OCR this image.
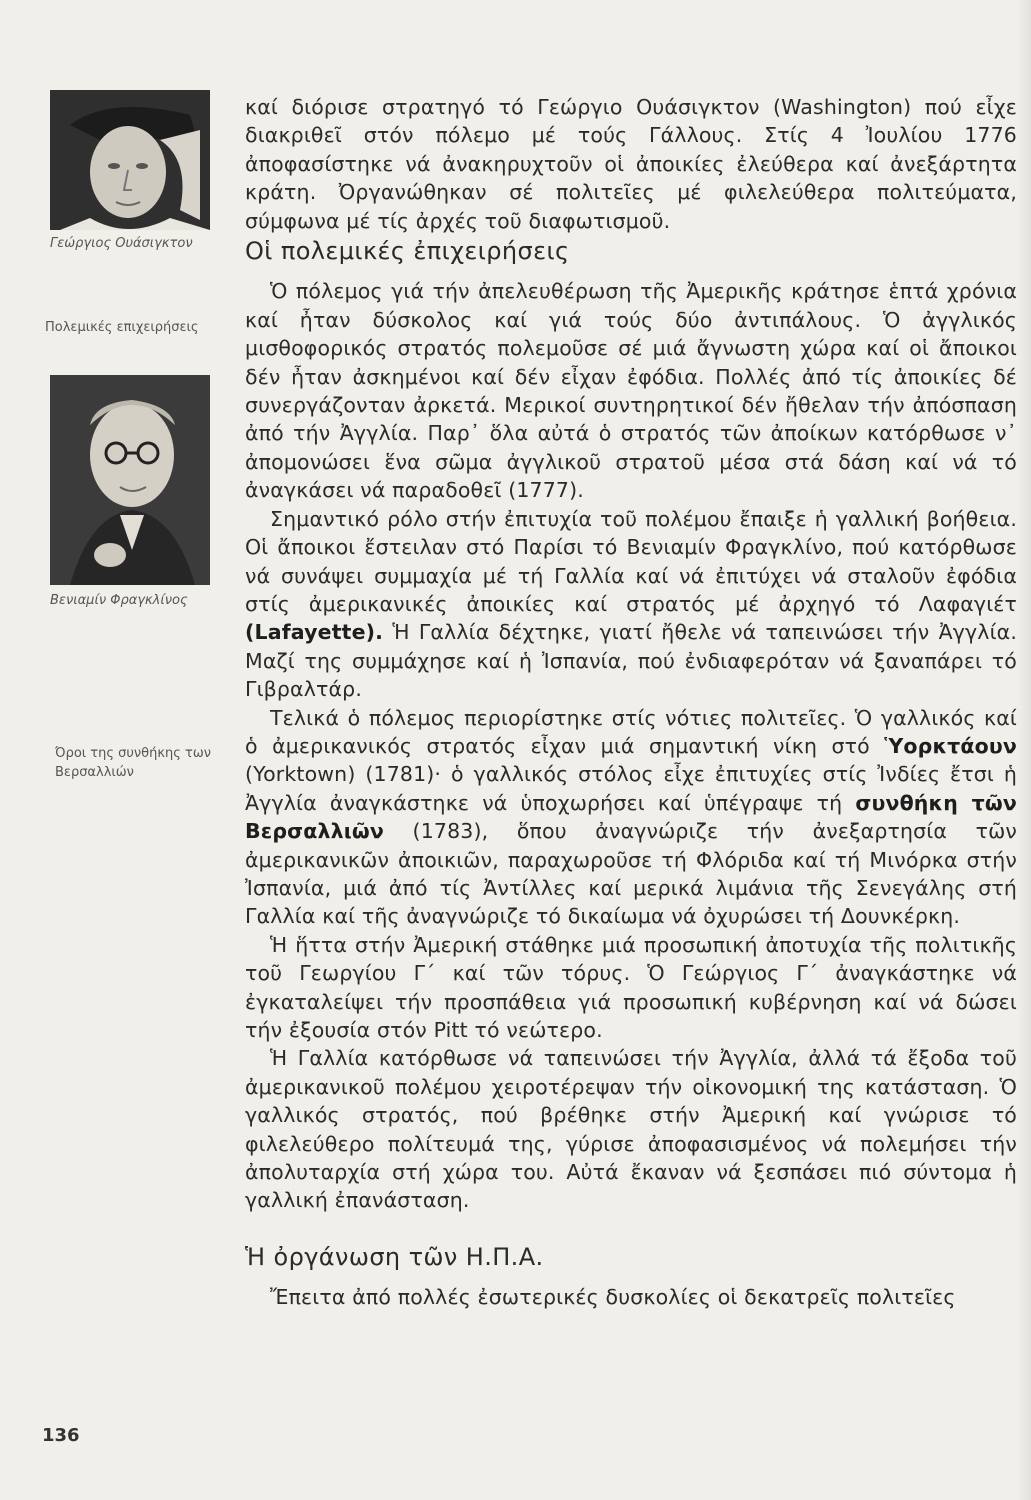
Γεώργιος Ουάσιγκτον
Πολεμικές επιχειρήσεις
Βενιαμίν Φραγκλίνος
Όροι της συνθήκης των Βερσαλλιών
136

καί διόρισε στρατηγό τό Γεώργιο Ουάσιγκτον (Washington) πού εἶχε διακριθεῖ στόν πόλεμο μέ τούς Γάλλους. Στίς 4 Ἰουλίου 1776 ἀποφασίστηκε νά ἀνακηρυχτοῦν οἱ ἀποικίες ἐλεύθερα καί ἀνεξάρτητα κράτη. Ὀργανώθηκαν σέ πολιτεῖες μέ φιλελεύθερα πολιτεύματα, σύμφωνα μέ τίς ἀρχές τοῦ διαφωτισμοῦ.

Οἱ πολεμικές ἐπιχειρήσεις

Ὁ πόλεμος γιά τήν ἀπελευθέρωση τῆς Ἀμερικῆς κράτησε ἑπτά χρόνια καί ἦταν δύσκολος καί γιά τούς δύο ἀντιπάλους. Ὁ ἀγγλικός μισθοφορικός στρατός πολεμοῦσε σέ μιά ἄγνωστη χώρα καί οἱ ἄποικοι δέν ἦταν ἀσκημένοι καί δέν εἶχαν ἐφόδια. Πολλές ἀπό τίς ἀποικίες δέ συνεργάζονταν ἀρκετά. Μερικοί συντηρητικοί δέν ἤθελαν τήν ἀπόσπαση ἀπό τήν Ἀγγλία. Παρ᾽ ὅλα αὐτά ὁ στρατός τῶν ἀποίκων κατόρθωσε ν᾽ ἀπομονώσει ἕνα σῶμα ἀγγλικοῦ στρατοῦ μέσα στά δάση καί νά τό ἀναγκάσει νά παραδοθεῖ (1777).

Σημαντικό ρόλο στήν ἐπιτυχία τοῦ πολέμου ἔπαιξε ἡ γαλλική βοήθεια. Οἱ ἄποικοι ἔστειλαν στό Παρίσι τό Βενιαμίν Φραγκλίνο, πού κατόρθωσε νά συνάψει συμμαχία μέ τή Γαλλία καί νά ἐπιτύχει νά σταλοῦν ἐφόδια στίς ἀμερικανικές ἀποικίες καί στρατός μέ ἀρχηγό τό Λαφαγιέτ (Lafayette). Ἡ Γαλλία δέχτηκε, γιατί ἤθελε νά ταπεινώσει τήν Ἀγγλία. Μαζί της συμμάχησε καί ἡ Ἰσπανία, πού ἐνδιαφερόταν νά ξαναπάρει τό Γιβραλτάρ.

Τελικά ὁ πόλεμος περιορίστηκε στίς νότιες πολιτεῖες. Ὁ γαλλικός καί ὁ ἀμερικανικός στρατός εἶχαν μιά σημαντική νίκη στό Ὑορκτάουν (Yorktown) (1781)· ὁ γαλλικός στόλος εἶχε ἐπιτυχίες στίς Ἰνδίες ἔτσι ἡ Ἀγγλία ἀναγκάστηκε νά ὑποχωρήσει καί ὑπέγραψε τή συνθήκη τῶν Βερσαλλιῶν (1783), ὅπου ἀναγνώριζε τήν ἀνεξαρτησία τῶν ἀμερικανικῶν ἀποικιῶν, παραχωροῦσε τή Φλόριδα καί τή Μινόρκα στήν Ἰσπανία, μιά ἀπό τίς Ἀντίλλες καί μερικά λιμάνια τῆς Σενεγάλης στή Γαλλία καί τῆς ἀναγνώριζε τό δικαίωμα νά ὀχυρώσει τή Δουνκέρκη.

Ἡ ἥττα στήν Ἀμερική στάθηκε μιά προσωπική ἀποτυχία τῆς πολιτικῆς τοῦ Γεωργίου Γ΄ καί τῶν τόρυς. Ὁ Γεώργιος Γ΄ ἀναγκάστηκε νά ἐγκαταλείψει τήν προσπάθεια γιά προσωπική κυβέρνηση καί νά δώσει τήν ἐξουσία στόν Pitt τό νεώτερο.

Ἡ Γαλλία κατόρθωσε νά ταπεινώσει τήν Ἀγγλία, ἀλλά τά ἔξοδα τοῦ ἀμερικανικοῦ πολέμου χειροτέρεψαν τήν οἰκονομική της κατάσταση. Ὁ γαλλικός στρατός, πού βρέθηκε στήν Ἀμερική καί γνώρισε τό φιλελεύθερο πολίτευμά της, γύρισε ἀποφασισμένος νά πολεμήσει τήν ἀπολυταρχία στή χώρα του. Αὐτά ἔκαναν νά ξεσπάσει πιό σύντομα ἡ γαλλική ἐπανάσταση.

Ἡ ὀργάνωση τῶν Η.Π.Α.

Ἔπειτα ἀπό πολλές ἐσωτερικές δυσκολίες οἱ δεκατρεῖς πολιτεῖες
